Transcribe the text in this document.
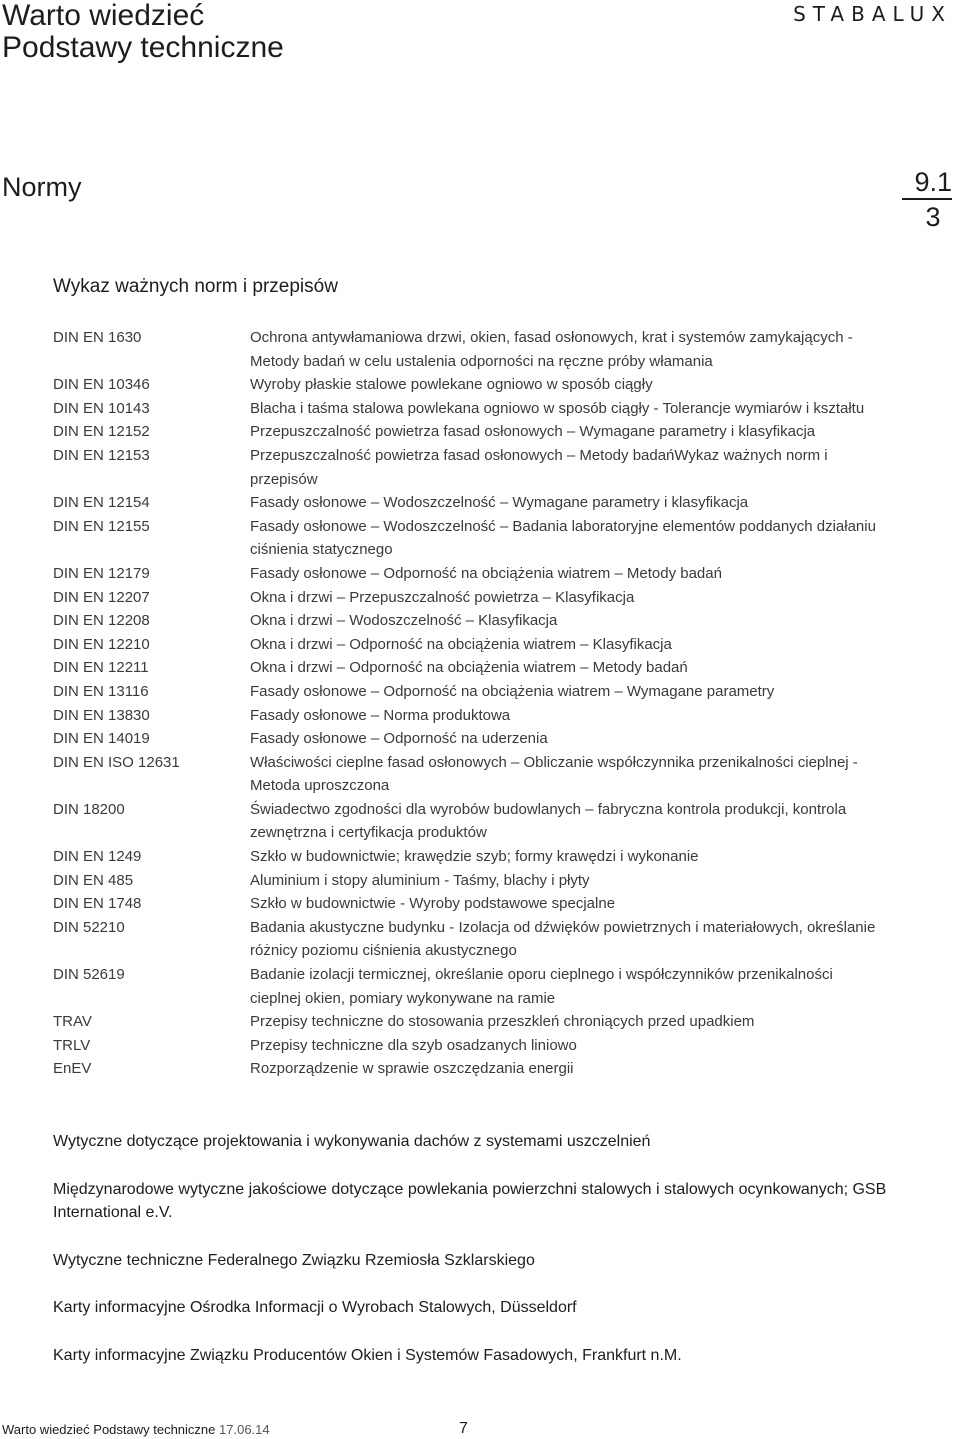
Warto wiedzieć
Podstawy techniczne
STABALUX
Normy	9.1
3
Wykaz ważnych norm i przepisów
DIN EN 1630	Ochrona antywłamaniowa drzwi, okien, fasad osłonowych, krat i systemów zamykających - Metody badań w celu ustalenia odporności na ręczne próby włamania
DIN EN 10346	Wyroby płaskie stalowe powlekane ogniowo w sposób ciągły
DIN EN 10143	Blacha i taśma stalowa powlekana ogniowo w sposób ciągły - Tolerancje wymiarów i kształtu
DIN EN 12152	Przepuszczalność powietrza fasad osłonowych – Wymagane parametry i klasyfikacja
DIN EN 12153	Przepuszczalność powietrza fasad osłonowych – Metody badańWykaz ważnych norm i przepisów
DIN EN 12154	Fasady osłonowe – Wodoszczelność – Wymagane parametry i klasyfikacja
DIN EN 12155	Fasady osłonowe – Wodoszczelność – Badania laboratoryjne elementów poddanych działaniu ciśnienia statycznego
DIN EN 12179	Fasady osłonowe – Odporność na obciążenia wiatrem – Metody badań
DIN EN 12207	Okna i drzwi – Przepuszczalność powietrza – Klasyfikacja
DIN EN 12208	Okna i drzwi – Wodoszczelność – Klasyfikacja
DIN EN 12210	Okna i drzwi – Odporność na obciążenia wiatrem – Klasyfikacja
DIN EN 12211	Okna i drzwi – Odporność na obciążenia wiatrem – Metody badań
DIN EN 13116	Fasady osłonowe – Odporność na obciążenia wiatrem – Wymagane parametry
DIN EN 13830	Fasady osłonowe – Norma produktowa
DIN EN 14019	Fasady osłonowe – Odporność na uderzenia
DIN EN ISO 12631	Właściwości cieplne fasad osłonowych – Obliczanie współczynnika przenikalności cieplnej - Metoda uproszczona
DIN 18200	Świadectwo zgodności dla wyrobów budowlanych – fabryczna kontrola produkcji, kontrola zewnętrzna i certyfikacja produktów
DIN EN 1249	Szkło w budownictwie; krawędzie szyb; formy krawędzi i wykonanie
DIN EN 485	Aluminium i stopy aluminium - Taśmy, blachy i płyty
DIN EN 1748	Szkło w budownictwie - Wyroby podstawowe specjalne
DIN 52210	Badania akustyczne budynku - Izolacja od dźwięków powietrznych i materiałowych, określanie różnicy poziomu ciśnienia akustycznego
DIN 52619	Badanie izolacji termicznej, określanie oporu cieplnego i współczynników przenikalności cieplnej okien, pomiary wykonywane na ramie
TRAV	Przepisy techniczne do stosowania przeszkleń chroniących przed upadkiem
TRLV	Przepisy techniczne dla szyb osadzanych liniowo
EnEV	Rozporządzenie w sprawie oszczędzania energii

Wytyczne dotyczące projektowania i wykonywania dachów z systemami uszczelnień

Międzynarodowe wytyczne jakościowe dotyczące powlekania powierzchni stalowych i stalowych ocynkowanych; GSB International e.V.

Wytyczne techniczne Federalnego Związku Rzemiosła Szklarskiego

Karty informacyjne Ośrodka Informacji o Wyrobach Stalowych, Düsseldorf

Karty informacyjne Związku Producentów Okien i Systemów Fasadowych, Frankfurt n.M.

Warto wiedzieć Podstawy techniczne 17.06.14	7
